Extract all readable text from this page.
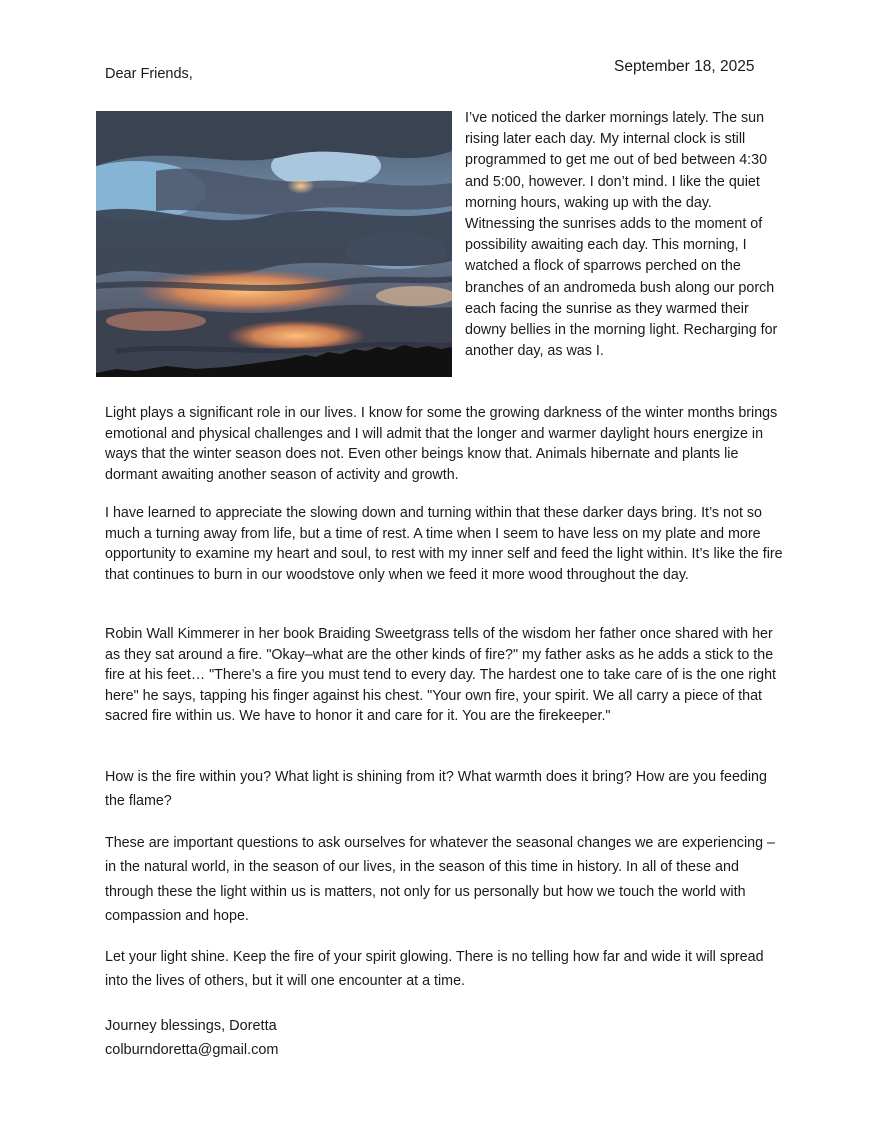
September 18, 2025
Dear Friends,
I’ve noticed the darker mornings lately. The sun rising later each day. My internal clock is still programmed to get me out of bed between 4:30 and 5:00, however. I don’t mind. I like the quiet morning hours, waking up with the day. Witnessing the sunrises adds to the moment of possibility awaiting each day. This morning, I watched a flock of sparrows perched on the branches of an andromeda bush along our porch each facing the sunrise as they warmed their downy bellies in the morning light. Recharging for another day, as was I.

Light plays a significant role in our lives. I know for some the growing darkness of the winter months brings emotional and physical challenges and I will admit that the longer and warmer daylight hours energize in ways that the winter season does not. Even other beings know that. Animals hibernate and plants lie dormant awaiting another season of activity and growth.

I have learned to appreciate the slowing down and turning within that these darker days bring. It’s not so much a turning away from life, but a time of rest. A time when I seem to have less on my plate and more opportunity to examine my heart and soul, to rest with my inner self and feed the light within. It’s like the fire that continues to burn in our woodstove only when we feed it more wood throughout the day.

Robin Wall Kimmerer in her book Braiding Sweetgrass tells of the wisdom her father once shared with her as they sat around a fire. "Okay–what are the other kinds of fire?" my father asks as he adds a stick to the fire at his feet… "There’s a fire you must tend to every day. The hardest one to take care of is the one right here" he says, tapping his finger against his chest. "Your own fire, your spirit. We all carry a piece of that sacred fire within us. We have to honor it and care for it. You are the firekeeper."

How is the fire within you? What light is shining from it? What warmth does it bring? How are you feeding the flame?

These are important questions to ask ourselves for whatever the seasonal changes we are experiencing – in the natural world, in the season of our lives, in the season of this time in history. In all of these and through these the light within us is matters, not only for us personally but how we touch the world with compassion and hope.

Let your light shine. Keep the fire of your spirit glowing. There is no telling how far and wide it will spread into the lives of others, but it will one encounter at a time.

Journey blessings, Doretta
colburndoretta@gmail.com
